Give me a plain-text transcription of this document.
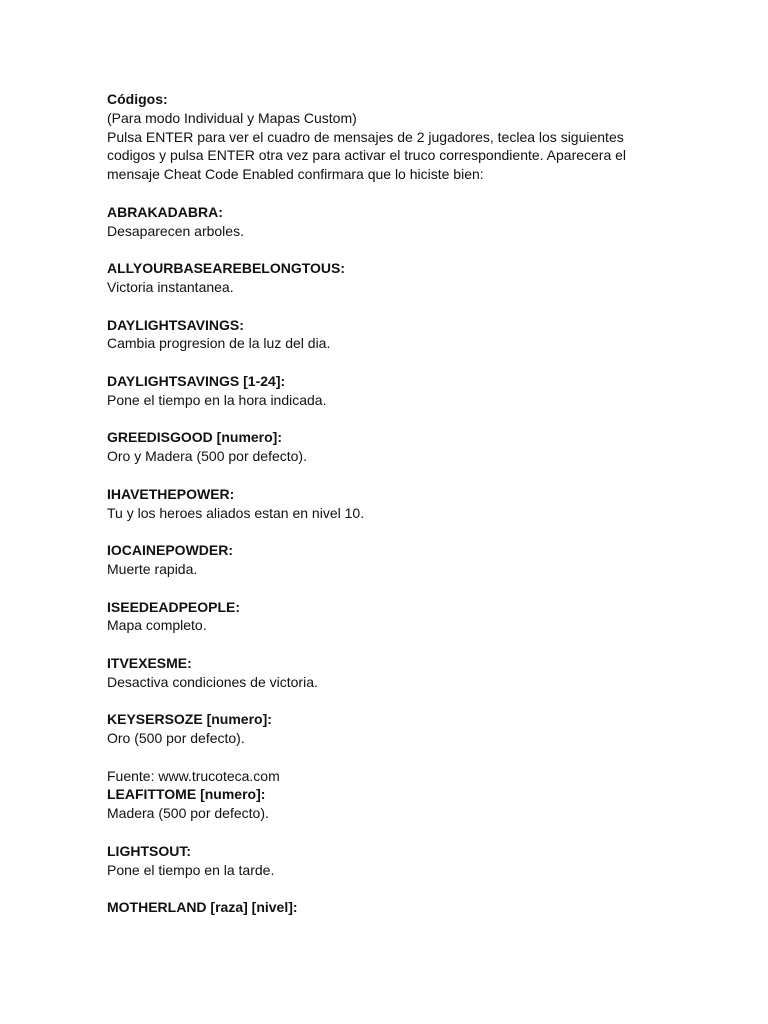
Códigos:

(Para modo Individual y Mapas Custom)

Pulsa ENTER para ver el cuadro de mensajes de 2 jugadores, teclea los siguientes

codigos y pulsa ENTER otra vez para activar el truco correspondiente. Aparecera el

mensaje Cheat Code Enabled confirmara que lo hiciste bien:

ABRAKADABRA:

Desaparecen arboles.

ALLYOURBASEAREBELONGTOUS:

Victoria instantanea.

DAYLIGHTSAVINGS:

Cambia progresion de la luz del dia.

DAYLIGHTSAVINGS [1-24]:

Pone el tiempo en la hora indicada.

GREEDISGOOD [numero]:

Oro y Madera (500 por defecto).

IHAVETHEPOWER:

Tu y los heroes aliados estan en nivel 10.

IOCAINEPOWDER:

Muerte rapida.

ISEEDEADPEOPLE:

Mapa completo.

ITVEXESME:

Desactiva condiciones de victoria.

KEYSERSOZE [numero]:

Oro (500 por defecto).

Fuente: www.trucoteca.com

LEAFITTOME [numero]:

Madera (500 por defecto).

LIGHTSOUT:

Pone el tiempo en la tarde.

MOTHERLAND [raza] [nivel]:
